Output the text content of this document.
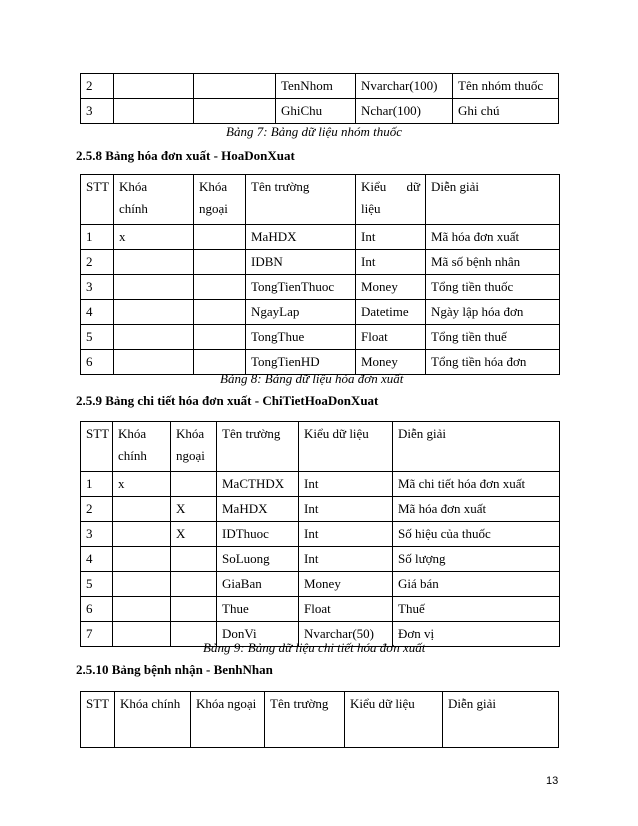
2			TenNhom	Nvarchar(100)	Tên nhóm thuốc
3			GhiChu	Nchar(100)	Ghi chú
Bảng 7: Bảng dữ liệu nhóm thuốc
2.5.8 Bảng hóa đơn xuất - HoaDonXuat
STT	Khóa chính	Khóa ngoại	Tên trường	Kiểu dữ liệu	Diễn giải
1	x		MaHDX	Int	Mã hóa đơn xuất
2			IDBN	Int	Mã số bệnh nhân
3			TongTienThuoc	Money	Tổng tiền thuốc
4			NgayLap	Datetime	Ngày lập hóa đơn
5			TongThue	Float	Tổng tiền thuế
6			TongTienHD	Money	Tổng tiền hóa đơn
Bảng 8: Bảng dữ liệu hóa đơn xuất
2.5.9 Bảng chi tiết hóa đơn xuất - ChiTietHoaDonXuat
STT	Khóa chính	Khóa ngoại	Tên trường	Kiểu dữ liệu	Diễn giải
1	x		MaCTHDX	Int	Mã chi tiết hóa đơn xuất
2		X	MaHDX	Int	Mã hóa đơn xuất
3		X	IDThuoc	Int	Số hiệu của thuốc
4			SoLuong	Int	Số lượng
5			GiaBan	Money	Giá bán
6			Thue	Float	Thuế
7			DonVi	Nvarchar(50)	Đơn vị
Bảng 9: Bảng dữ liệu chi tiết hóa đơn xuất
2.5.10 Bảng bệnh nhận - BenhNhan
STT	Khóa chính	Khóa ngoại	Tên trường	Kiểu dữ liệu	Diễn giải
13
